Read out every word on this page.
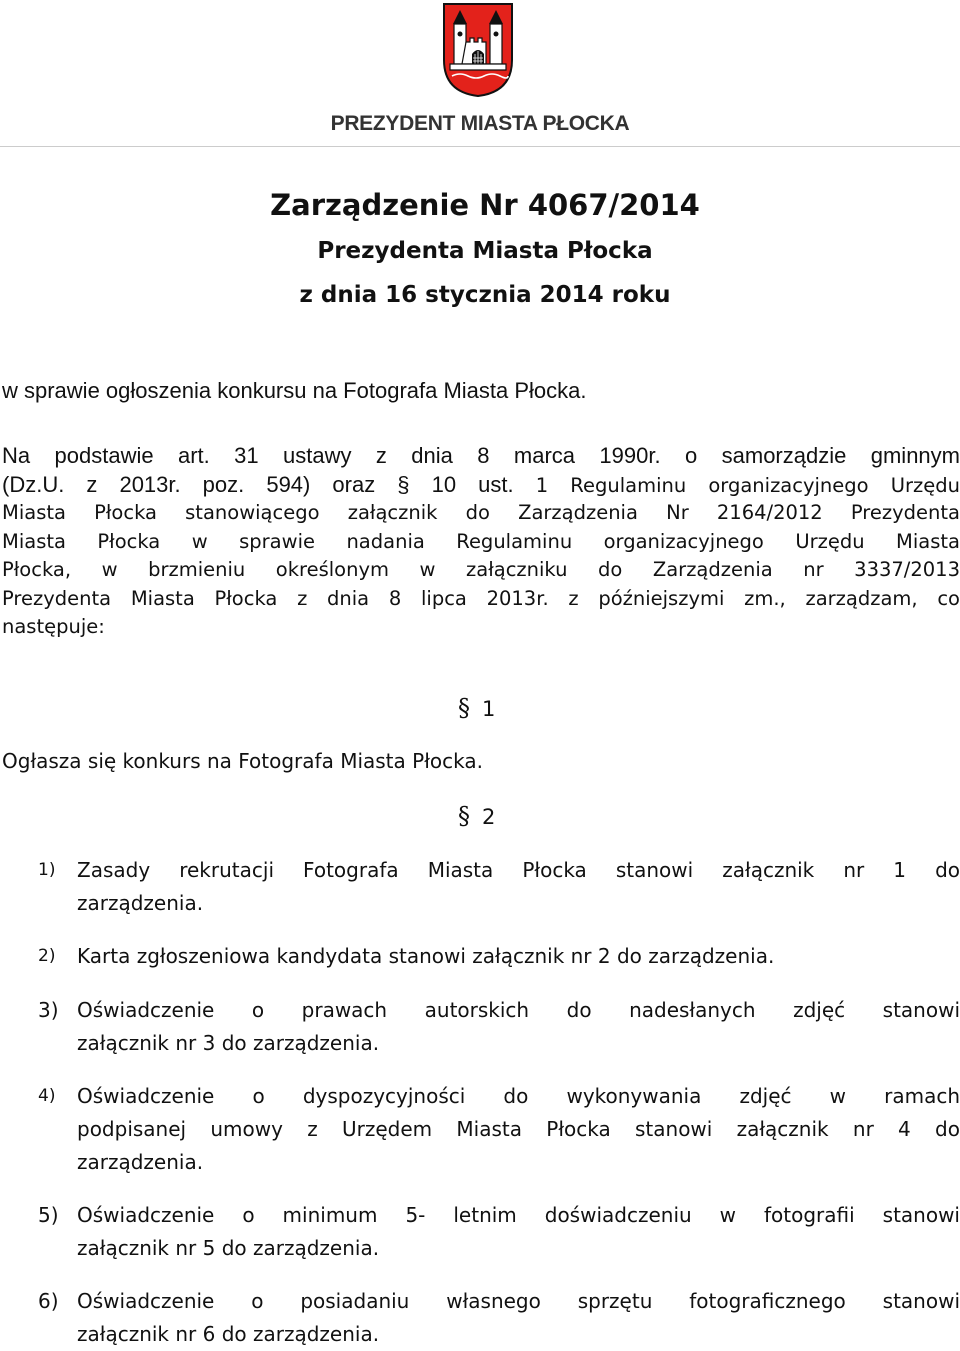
PREZYDENT MIASTA PŁOCKA
Zarządzenie Nr 4067/2014
Prezydenta Miasta Płocka
z dnia 16 stycznia 2014 roku
w sprawie ogłoszenia konkursu na Fotografa Miasta Płocka.
Na podstawie art. 31 ustawy z dnia 8 marca 1990r. o samorządzie gminnym
(Dz.U. z 2013r. poz. 594) oraz § 10 ust. 1 Regulaminu organizacyjnego Urzędu
Miasta Płocka stanowiącego załącznik do Zarządzenia Nr 2164/2012 Prezydenta
Miasta Płocka w sprawie nadania Regulaminu organizacyjnego Urzędu Miasta
Płocka, w brzmieniu określonym w załączniku do Zarządzenia nr 3337/2013
Prezydenta Miasta Płocka z dnia 8 lipca 2013r. z późniejszymi zm., zarządzam, co
następuje:
§ 1
Ogłasza się konkurs na Fotografa Miasta Płocka.
§ 2
1) Zasady rekrutacji Fotografa Miasta Płocka stanowi załącznik nr 1 do
zarządzenia.
2) Karta zgłoszeniowa kandydata stanowi załącznik nr 2 do zarządzenia.
3) Oświadczenie o prawach autorskich do nadesłanych zdjęć stanowi
załącznik nr 3 do zarządzenia.
4) Oświadczenie o dyspozycyjności do wykonywania zdjęć w ramach
podpisanej umowy z Urzędem Miasta Płocka stanowi załącznik nr 4 do
zarządzenia.
5) Oświadczenie o minimum 5- letnim doświadczeniu w fotografii stanowi
załącznik nr 5 do zarządzenia.
6) Oświadczenie o posiadaniu własnego sprzętu fotograficznego stanowi
załącznik nr 6 do zarządzenia.
